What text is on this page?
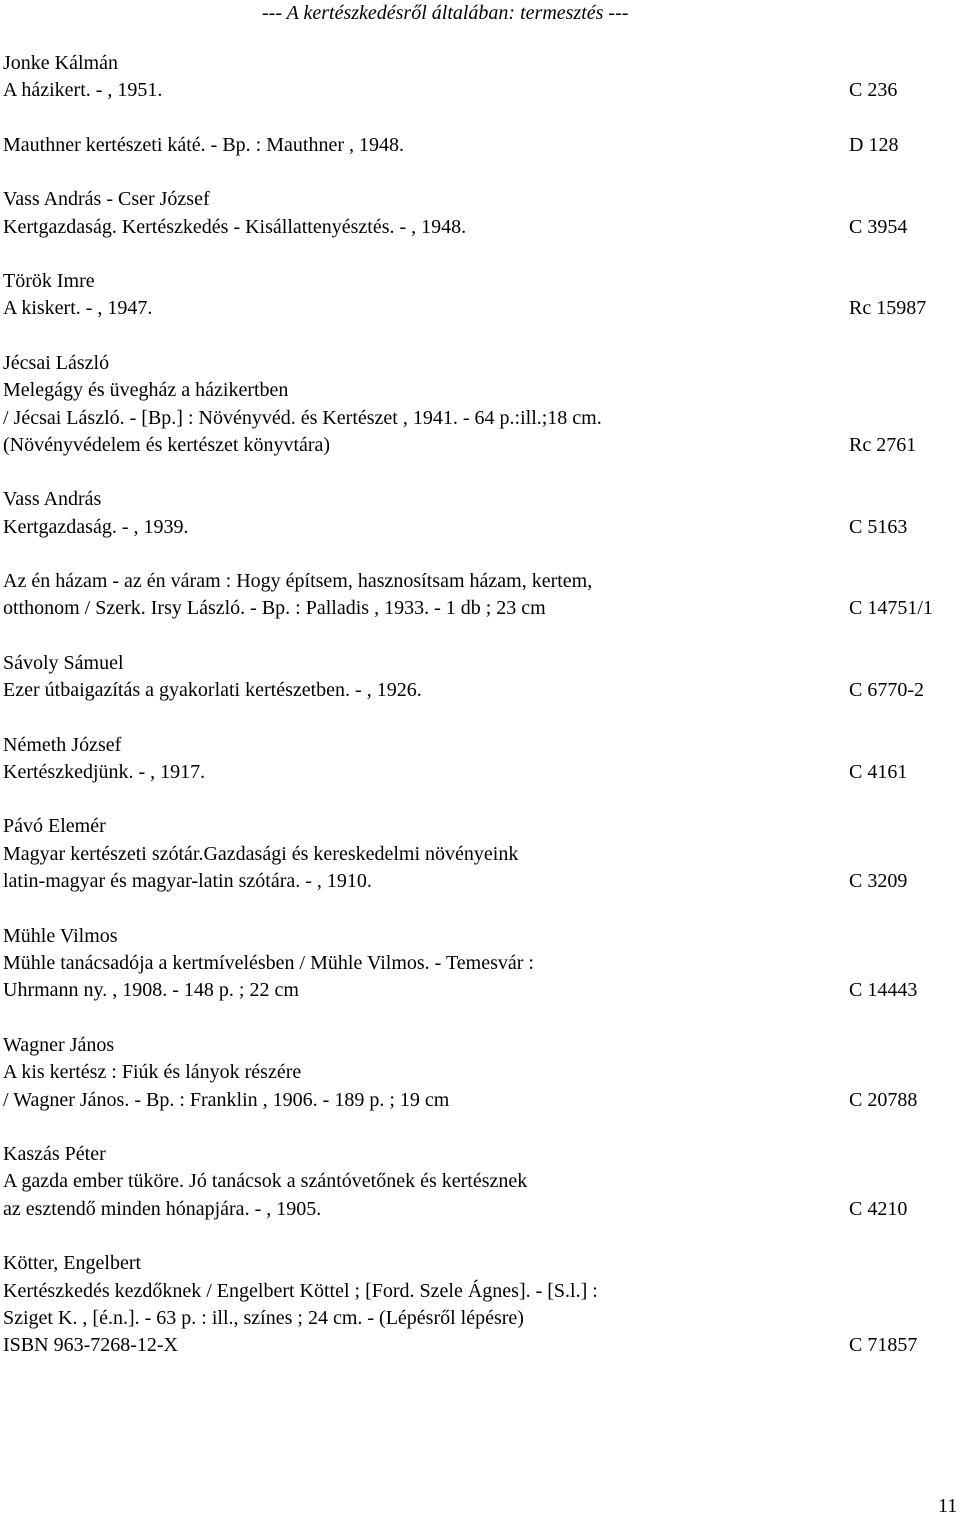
--- A kertészkedésről általában: termesztés ---
Jonke Kálmán
A házikert. - , 1951.	C 236
Mauthner kertészeti káté. - Bp. : Mauthner , 1948.	D 128
Vass András - Cser József
Kertgazdaság. Kertészkedés - Kisállattenyésztés. - , 1948.	C 3954
Török Imre
A kiskert. - , 1947.	Rc 15987
Jécsai László
Melegágy és üvegház a házikertben
/ Jécsai László. - [Bp.] : Növényvéd. és Kertészet , 1941. - 64 p.:ill.;18 cm.
(Növényvédelem és kertészet könyvtára)	Rc 2761
Vass András
Kertgazdaság. - , 1939.	C 5163
Az én házam - az én váram : Hogy építsem, hasznosítsam házam, kertem,
otthonom / Szerk. Irsy László. - Bp. : Palladis , 1933. - 1 db ; 23 cm	C 14751/1
Sávoly Sámuel
Ezer útbaigazítás a gyakorlati kertészetben. - , 1926.	C 6770-2
Németh József
Kertészkedjünk. - , 1917.	C 4161
Pávó Elemér
Magyar kertészeti szótár.Gazdasági és kereskedelmi növényeink
latin-magyar és magyar-latin szótára. - , 1910.	C 3209
Mühle Vilmos
Mühle tanácsadója a kertmívelésben / Mühle Vilmos. - Temesvár :
Uhrmann ny. , 1908. - 148 p. ; 22 cm	C 14443
Wagner János
A kis kertész : Fiúk és lányok részére
/ Wagner János. - Bp. : Franklin , 1906. - 189 p. ; 19 cm	C 20788
Kaszás Péter
A gazda ember tüköre. Jó tanácsok a szántóvetőnek és kertésznek
az esztendő minden hónapjára. - , 1905.	C 4210
Kötter, Engelbert
Kertészkedés kezdőknek / Engelbert Köttel ; [Ford. Szele Ágnes]. - [S.l.] :
Sziget K. , [é.n.]. - 63 p. : ill., színes ; 24 cm. - (Lépésről lépésre)
ISBN 963-7268-12-X	C 71857
11
